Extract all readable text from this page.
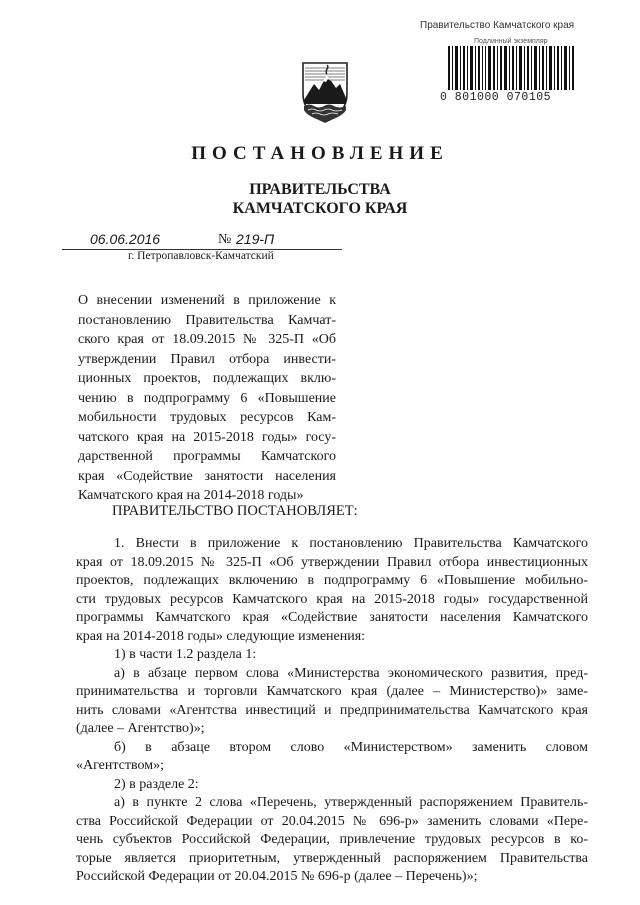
Правительство Камчатского края
Подлинный экземпляр
0 801000 070105
ПОСТАНОВЛЕНИЕ
ПРАВИТЕЛЬСТВА
КАМЧАТСКОГО КРАЯ
06.06.2016	№ 219-П
г. Петропавловск-Камчатский
О внесении изменений в приложение к
постановлению Правительства Камчат-
ского края от 18.09.2015 № 325-П «Об
утверждении Правил отбора инвести-
ционных проектов, подлежащих вклю-
чению в подпрограмму 6 «Повышение
мобильности трудовых ресурсов Кам-
чатского края на 2015-2018 годы» госу-
дарственной программы Камчатского
края «Содействие занятости населения
Камчатского края на 2014-2018 годы»
ПРАВИТЕЛЬСТВО ПОСТАНОВЛЯЕТ:
1. Внести в приложение к постановлению Правительства Камчатского
края от 18.09.2015 № 325-П «Об утверждении Правил отбора инвестиционных
проектов, подлежащих включению в подпрограмму 6 «Повышение мобильно-
сти трудовых ресурсов Камчатского края на 2015-2018 годы» государственной
программы Камчатского края «Содействие занятости населения Камчатского
края на 2014-2018 годы» следующие изменения:
1) в части 1.2 раздела 1:
а) в абзаце первом слова «Министерства экономического развития, пред-
принимательства и торговли Камчатского края (далее – Министерство)» заме-
нить словами «Агентства инвестиций и предпринимательства Камчатского края
(далее – Агентство)»;
б) в абзаце втором слово «Министерством» заменить словом
«Агентством»;
2) в разделе 2:
а) в пункте 2 слова «Перечень, утвержденный распоряжением Правитель-
ства Российской Федерации от 20.04.2015 № 696-р» заменить словами «Пере-
чень субъектов Российской Федерации, привлечение трудовых ресурсов в ко-
торые является приоритетным, утвержденный распоряжением Правительства
Российской Федерации от 20.04.2015 № 696-р (далее – Перечень)»;
